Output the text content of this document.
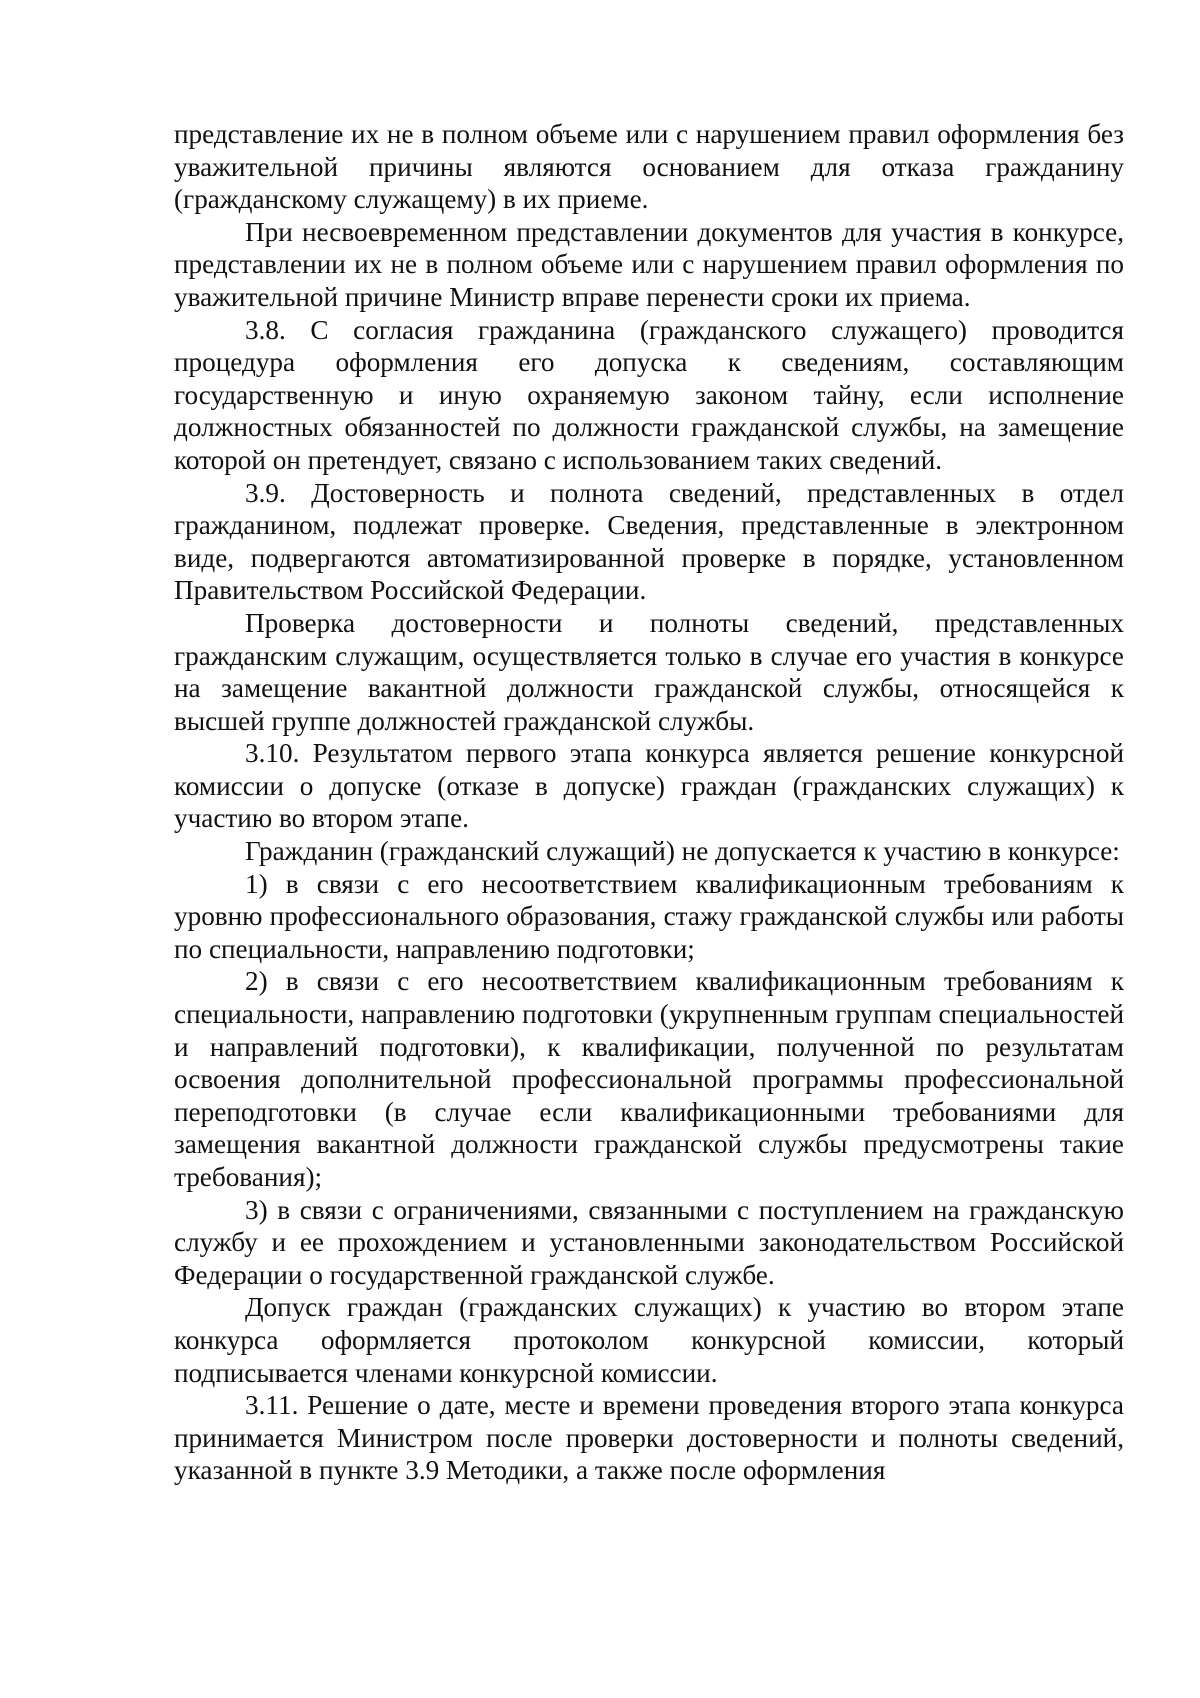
представление их не в полном объеме или с нарушением правил оформления без уважительной причины являются основанием для отказа гражданину (гражданскому служащему) в их приеме.

При несвоевременном представлении документов для участия в конкурсе, представлении их не в полном объеме или с нарушением правил оформления по уважительной причине Министр вправе перенести сроки их приема.

3.8. С согласия гражданина (гражданского служащего) проводится процедура оформления его допуска к сведениям, составляющим государственную и иную охраняемую законом тайну, если исполнение должностных обязанностей по должности гражданской службы, на замещение которой он претендует, связано с использованием таких сведений.

3.9. Достоверность и полнота сведений, представленных в отдел гражданином, подлежат проверке. Сведения, представленные в электронном виде, подвергаются автоматизированной проверке в порядке, установленном Правительством Российской Федерации.

Проверка достоверности и полноты сведений, представленных гражданским служащим, осуществляется только в случае его участия в конкурсе на замещение вакантной должности гражданской службы, относящейся к высшей группе должностей гражданской службы.

3.10. Результатом первого этапа конкурса является решение конкурсной комиссии о допуске (отказе в допуске) граждан (гражданских служащих) к участию во втором этапе.

Гражданин (гражданский служащий) не допускается к участию в конкурсе:

1) в связи с его несоответствием квалификационным требованиям к уровню профессионального образования, стажу гражданской службы или работы по специальности, направлению подготовки;

2) в связи с его несоответствием квалификационным требованиям к специальности, направлению подготовки (укрупненным группам специальностей и направлений подготовки), к квалификации, полученной по результатам освоения дополнительной профессиональной программы профессиональной переподготовки (в случае если квалификационными требованиями для замещения вакантной должности гражданской службы предусмотрены такие требования);

3) в связи с ограничениями, связанными с поступлением на гражданскую службу и ее прохождением и установленными законодательством Российской Федерации о государственной гражданской службе.

Допуск граждан (гражданских служащих) к участию во втором этапе конкурса оформляется протоколом конкурсной комиссии, который подписывается членами конкурсной комиссии.

3.11. Решение о дате, месте и времени проведения второго этапа конкурса принимается Министром после проверки достоверности и полноты сведений, указанной в пункте 3.9 Методики, а также после оформления
